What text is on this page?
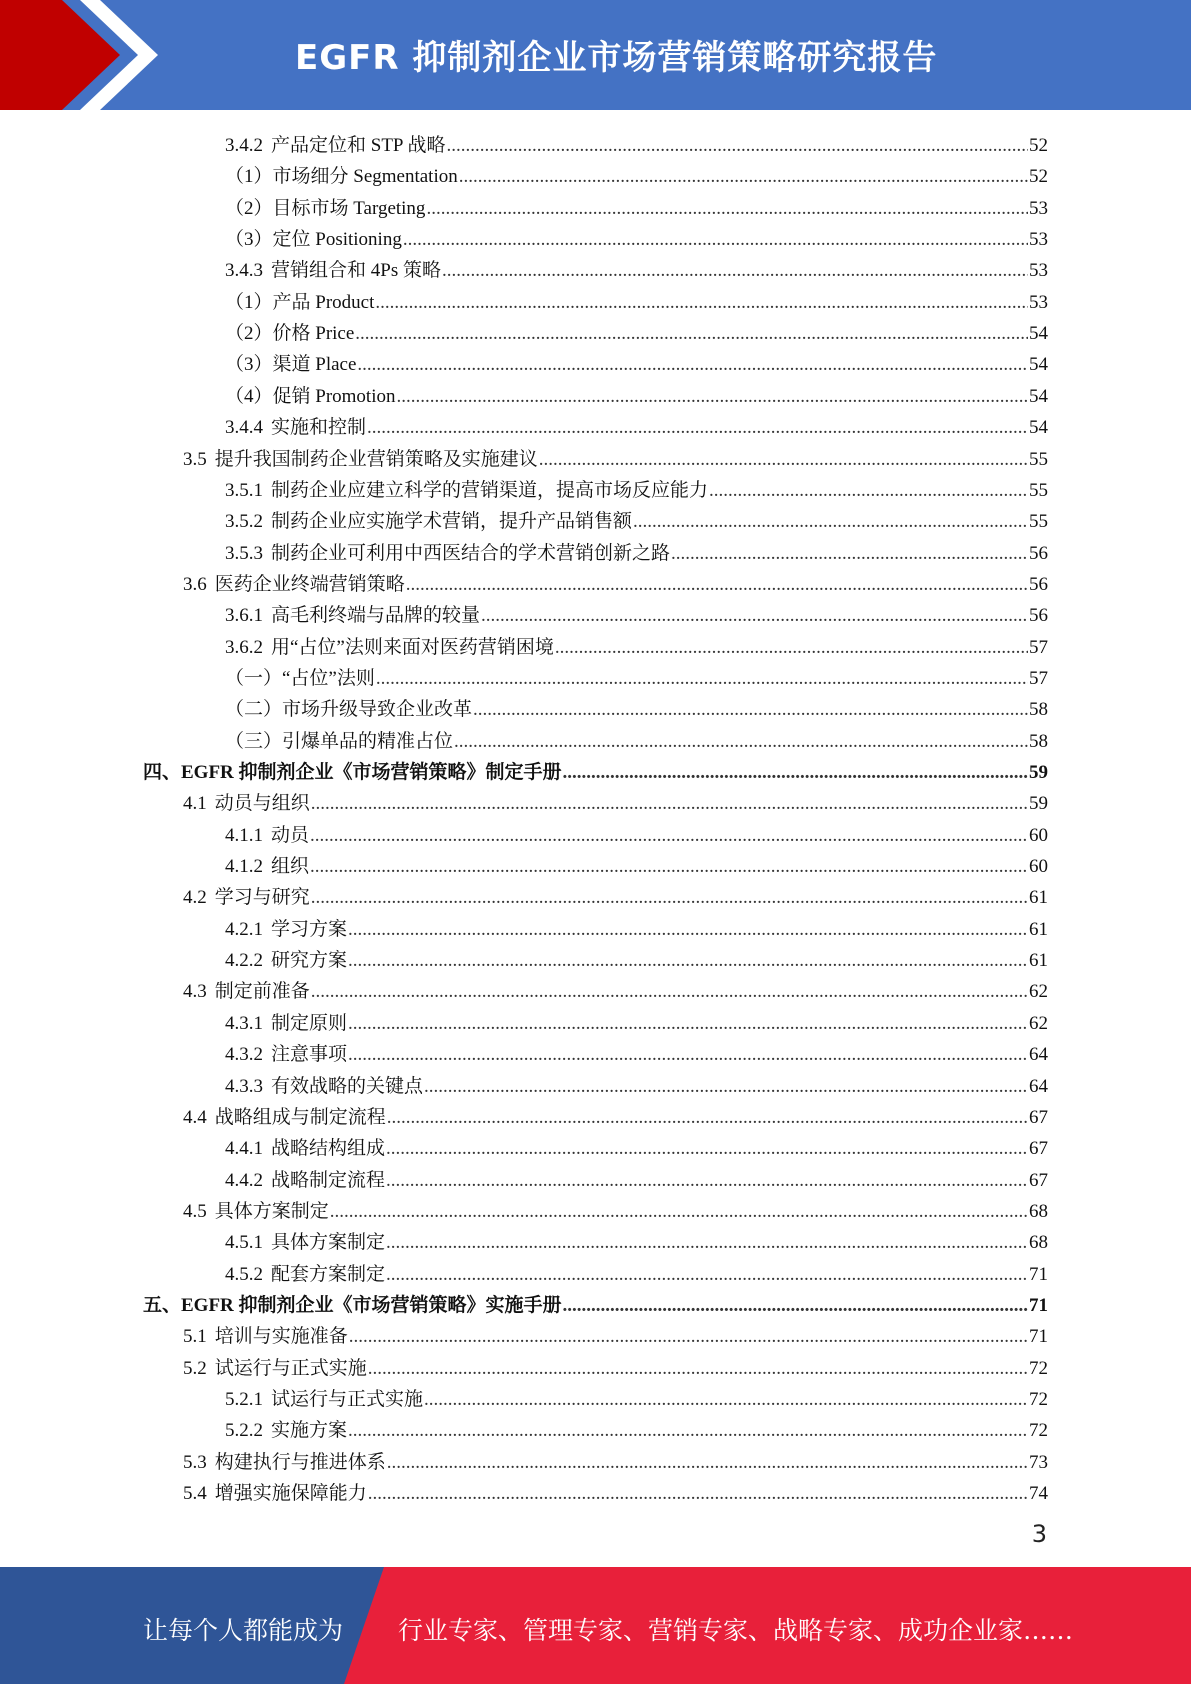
EGFR 抑制剂企业市场营销策略研究报告
3.4.2 产品定位和 STP 战略 .....	52
（1）市场细分 Segmentation .....	52
（2）目标市场 Targeting .....	53
（3）定位 Positioning .....	53
3.4.3 营销组合和 4Ps 策略 .....	53
（1）产品 Product .....	53
（2）价格 Price .....	54
（3）渠道 Place .....	54
（4）促销 Promotion .....	54
3.4.4 实施和控制 .....	54
3.5 提升我国制药企业营销策略及实施建议 .....	55
3.5.1 制药企业应建立科学的营销渠道，提高市场反应能力 .....	55
3.5.2 制药企业应实施学术营销，提升产品销售额 .....	55
3.5.3 制药企业可利用中西医结合的学术营销创新之路 .....	56
3.6 医药企业终端营销策略 .....	56
3.6.1 高毛利终端与品牌的较量 .....	56
3.6.2 用“占位”法则来面对医药营销困境 .....	57
（一）“占位”法则 .....	57
（二）市场升级导致企业改革 .....	58
（三）引爆单品的精准占位 .....	58
四、EGFR 抑制剂企业《市场营销策略》制定手册 .....	59
4.1 动员与组织 .....	59
4.1.1 动员 .....	60
4.1.2 组织 .....	60
4.2 学习与研究 .....	61
4.2.1 学习方案 .....	61
4.2.2 研究方案 .....	61
4.3 制定前准备 .....	62
4.3.1 制定原则 .....	62
4.3.2 注意事项 .....	64
4.3.3 有效战略的关键点 .....	64
4.4 战略组成与制定流程 .....	67
4.4.1 战略结构组成 .....	67
4.4.2 战略制定流程 .....	67
4.5 具体方案制定 .....	68
4.5.1 具体方案制定 .....	68
4.5.2 配套方案制定 .....	71
五、EGFR 抑制剂企业《市场营销策略》实施手册 .....	71
5.1 培训与实施准备 .....	71
5.2 试运行与正式实施 .....	72
5.2.1 试运行与正式实施 .....	72
5.2.2 实施方案 .....	72
5.3 构建执行与推进体系 .....	73
5.4 增强实施保障能力 .....	74
3
让每个人都能成为 行业专家、管理专家、营销专家、战略专家、成功企业家……
